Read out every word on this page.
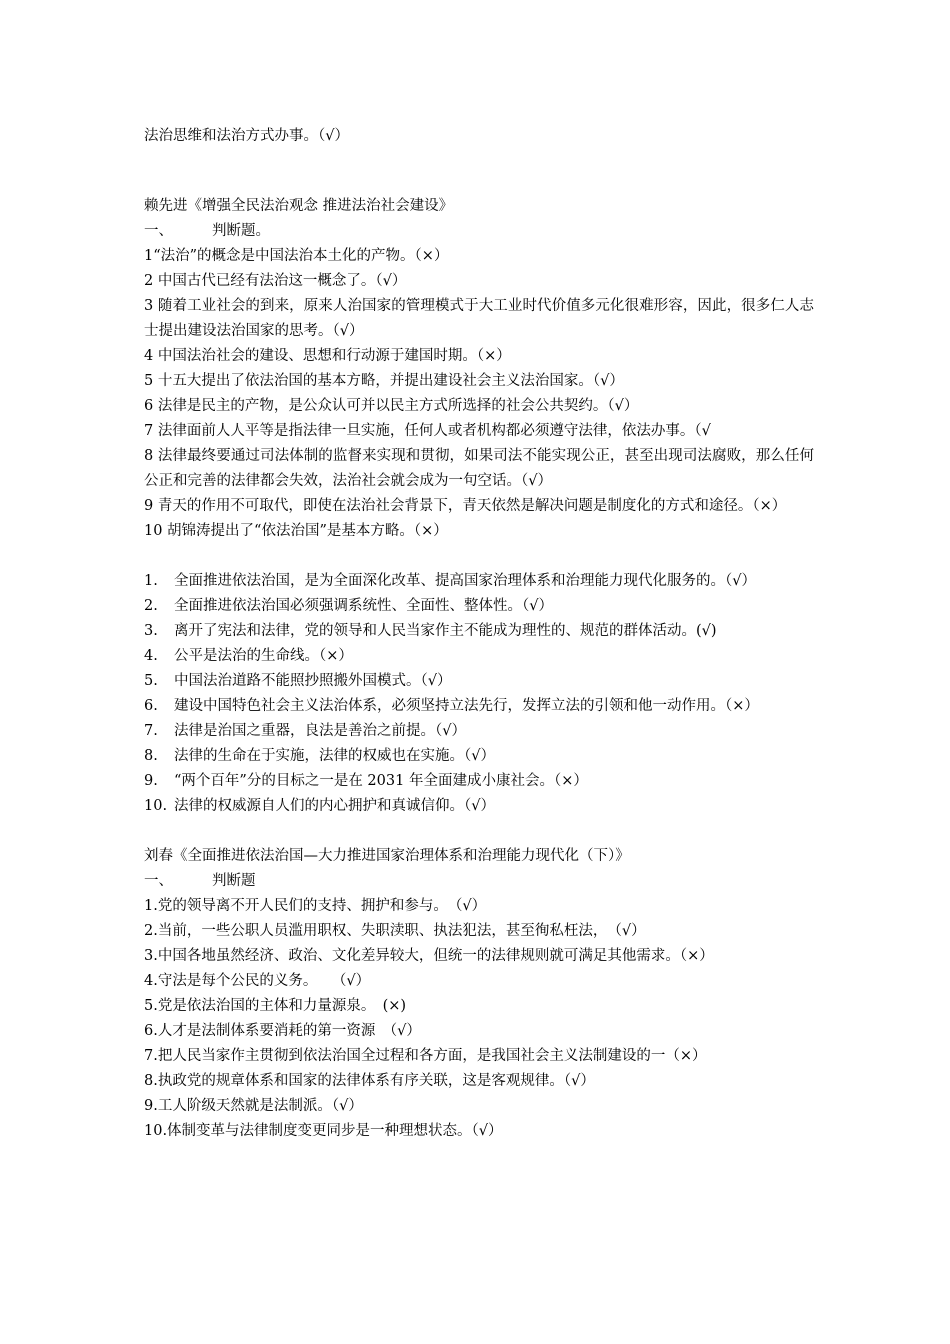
法治思维和法治方式办事。（√）
赖先进《增强全民法治观念 推进法治社会建设》
一、	判断题。
1“法治”的概念是中国法治本土化的产物。（×）
2 中国古代已经有法治这一概念了。（√）
3 随着工业社会的到来，原来人治国家的管理模式于大工业时代价值多元化很难形容，因此，很多仁人志士提出建设法治国家的思考。（√）
4 中国法治社会的建设、思想和行动源于建国时期。（×）
5 十五大提出了依法治国的基本方略，并提出建设社会主义法治国家。（√）
6 法律是民主的产物，是公众认可并以民主方式所选择的社会公共契约。（√）
7 法律面前人人平等是指法律一旦实施，任何人或者机构都必须遵守法律，依法办事。（√
8 法律最终要通过司法体制的监督来实现和贯彻，如果司法不能实现公正，甚至出现司法腐败，那么任何公正和完善的法律都会失效，法治社会就会成为一句空话。（√）
9 青天的作用不可取代，即使在法治社会背景下，青天依然是解决问题是制度化的方式和途径。（×）
10 胡锦涛提出了“依法治国”是基本方略。（×）
1.	全面推进依法治国，是为全面深化改革、提高国家治理体系和治理能力现代化服务的。（√）
2.	全面推进依法治国必须强调系统性、全面性、整体性。（√）
3.	离开了宪法和法律，党的领导和人民当家作主不能成为理性的、规范的群体活动。(√)
4.	公平是法治的生命线。（×）
5.	中国法治道路不能照抄照搬外国模式。（√）
6.	建设中国特色社会主义法治体系，必须坚持立法先行，发挥立法的引领和他一动作用。（×）
7.	法律是治国之重器，良法是善治之前提。（√）
8.	法律的生命在于实施，法律的权威也在实施。（√）
9.	“两个百年”分的目标之一是在 2031 年全面建成小康社会。（×）
10. 法律的权威源自人们的内心拥护和真诚信仰。（√）
刘春《全面推进依法治国—大力推进国家治理体系和治理能力现代化（下）》
一、	判断题
1.党的领导离不开人民们的支持、拥护和参与。　（√）
2.当前，一些公职人员滥用职权、失职渎职、执法犯法，甚至徇私枉法，　（√）
3.中国各地虽然经济、政治、文化差异较大，但统一的法律规则就可满足其他需求。（×）
4.守法是每个公民的义务。　　（√）
5.党是依法治国的主体和力量源泉。　(×)
6.人才是法制体系要消耗的第一资源　（√）
7.把人民当家作主贯彻到依法治国全过程和各方面，是我国社会主义法制建设的一（×）
8.执政党的规章体系和国家的法律体系有序关联，这是客观规律。（√）
9.工人阶级天然就是法制派。（√）
10.体制变革与法律制度变更同步是一种理想状态。（√）
